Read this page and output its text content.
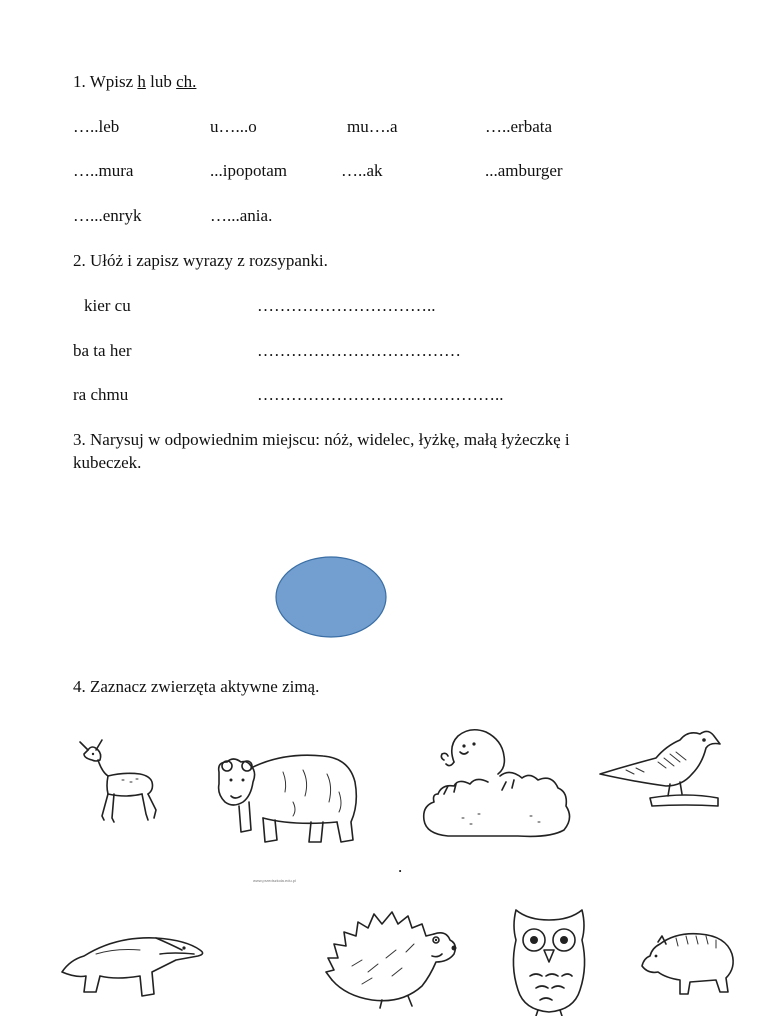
1. Wpisz h lub ch.
…..leb	u…...o	mu….a	…..erbata
…..mura	...ipopotam	…..ak	...amburger
…...enryk	…...ania.
2. Ułóż i zapisz wyrazy z rozsypanki.
kier cu	…………………………..
ba ta her	………………………………
ra chmu	……………………………………..
3. Narysuj w odpowiednim miejscu: nóż, widelec, łyżkę, małą łyżeczkę i
kubeczek.
4. Zaznacz zwierzęta aktywne zimą.
www.przedszkola.edu.pl
.
